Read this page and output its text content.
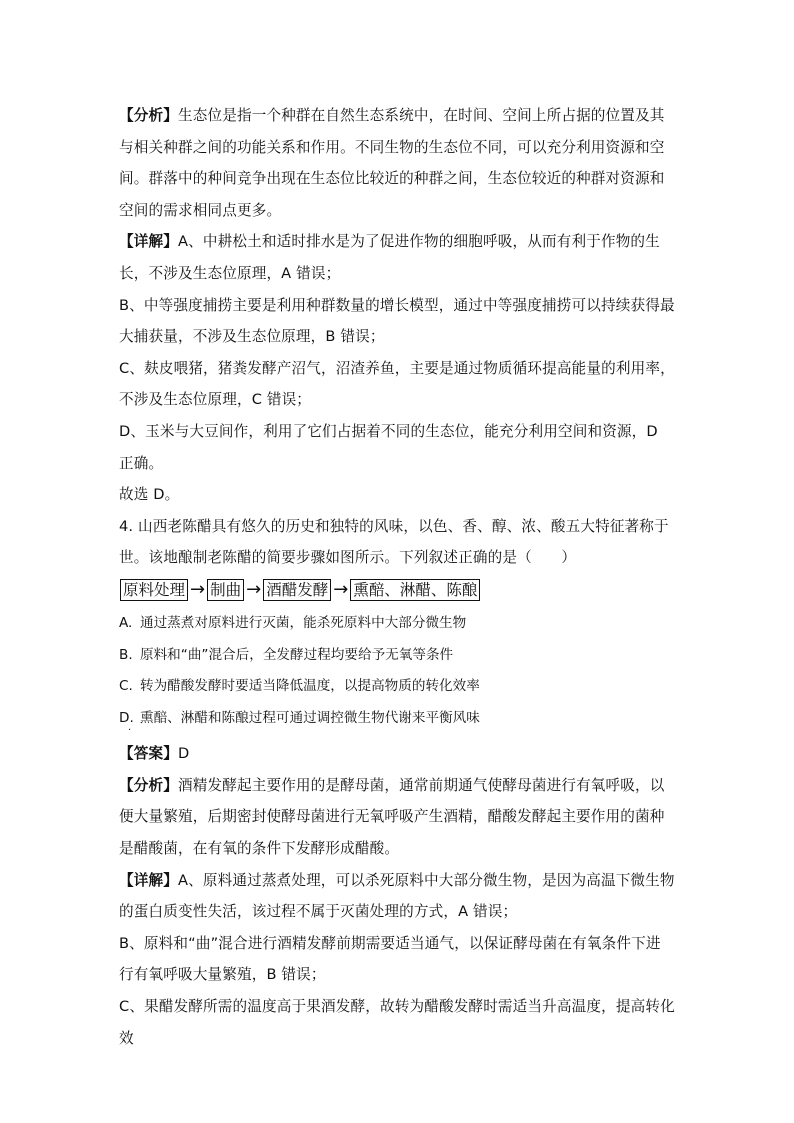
【分析】生态位是指一个种群在自然生态系统中，在时间、空间上所占据的位置及其与相关种群之间的功能关系和作用。不同生物的生态位不同，可以充分利用资源和空间。群落中的种间竞争出现在生态位比较近的种群之间，生态位较近的种群对资源和空间的需求相同点更多。

【详解】A、中耕松土和适时排水是为了促进作物的细胞呼吸，从而有利于作物的生长，不涉及生态位原理，A 错误；

B、中等强度捕捞主要是利用种群数量的增长模型，通过中等强度捕捞可以持续获得最大捕获量，不涉及生态位原理，B 错误；

C、麸皮喂猪，猪粪发酵产沼气，沼渣养鱼，主要是通过物质循环提高能量的利用率，不涉及生态位原理，C 错误；

D、玉米与大豆间作，利用了它们占据着不同的生态位，能充分利用空间和资源，D 正确。

故选 D。

4. 山西老陈醋具有悠久的历史和独特的风味，以色、香、醇、浓、酸五大特征著称于世。该地酿制老陈醋的简要步骤如图所示。下列叙述正确的是（　　）

原料处理 → 制曲 → 酒醋发酵 → 熏醅、淋醋、陈酿

A. 通过蒸煮对原料进行灭菌，能杀死原料中大部分微生物

B. 原料和“曲”混合后，全发酵过程均要给予无氧等条件

C. 转为醋酸发酵时要适当降低温度，以提高物质的转化效率

D. 熏醅、淋醋和陈酿过程可通过调控微生物代谢来平衡风味

·

【答案】D

【分析】酒精发酵起主要作用的是酵母菌，通常前期通气使酵母菌进行有氧呼吸，以便大量繁殖，后期密封使酵母菌进行无氧呼吸产生酒精，醋酸发酵起主要作用的菌种是醋酸菌，在有氧的条件下发酵形成醋酸。

【详解】A、原料通过蒸煮处理，可以杀死原料中大部分微生物，是因为高温下微生物的蛋白质变性失活，该过程不属于灭菌处理的方式，A 错误；

B、原料和“曲”混合进行酒精发酵前期需要适当通气，以保证酵母菌在有氧条件下进行有氧呼吸大量繁殖，B 错误；

C、果醋发酵所需的温度高于果酒发酵，故转为醋酸发酵时需适当升高温度，提高转化效
